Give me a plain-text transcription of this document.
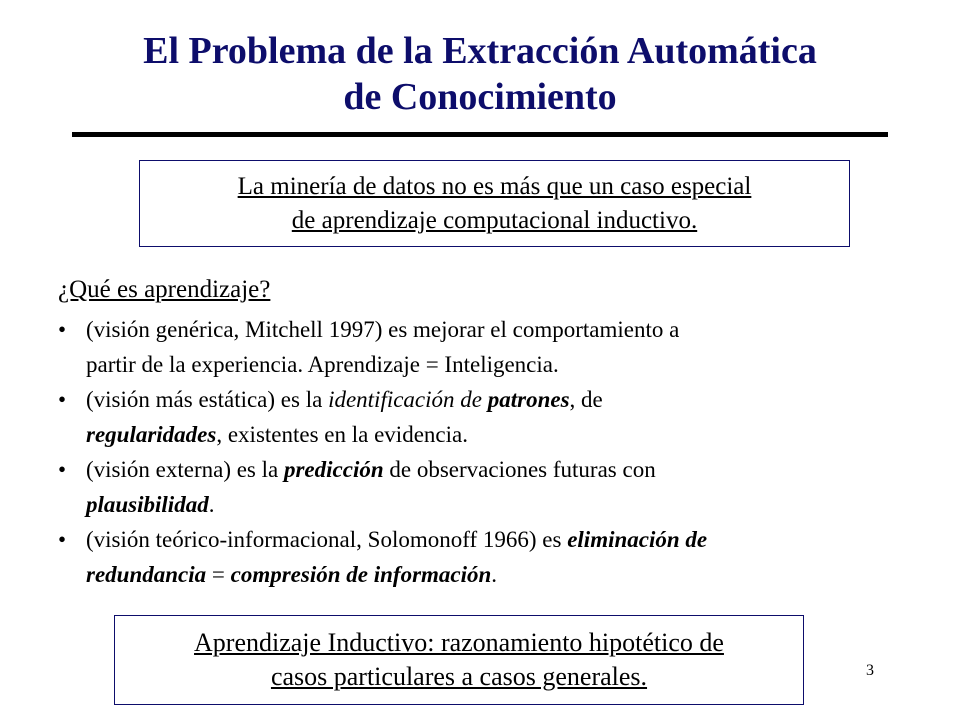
El Problema de la Extracción Automática
de Conocimiento
La minería de datos no es más que un caso especial
de aprendizaje computacional inductivo.
¿Qué es aprendizaje?
• (visión genérica, Mitchell 1997) es mejorar el comportamiento a
partir de la experiencia. Aprendizaje = Inteligencia.
• (visión más estática) es la identificación de patrones, de
regularidades, existentes en la evidencia.
• (visión externa) es la predicción de observaciones futuras con
plausibilidad.
• (visión teórico-informacional, Solomonoff 1966) es eliminación de
redundancia = compresión de información.
Aprendizaje Inductivo: razonamiento hipotético de
casos particulares a casos generales.	3
